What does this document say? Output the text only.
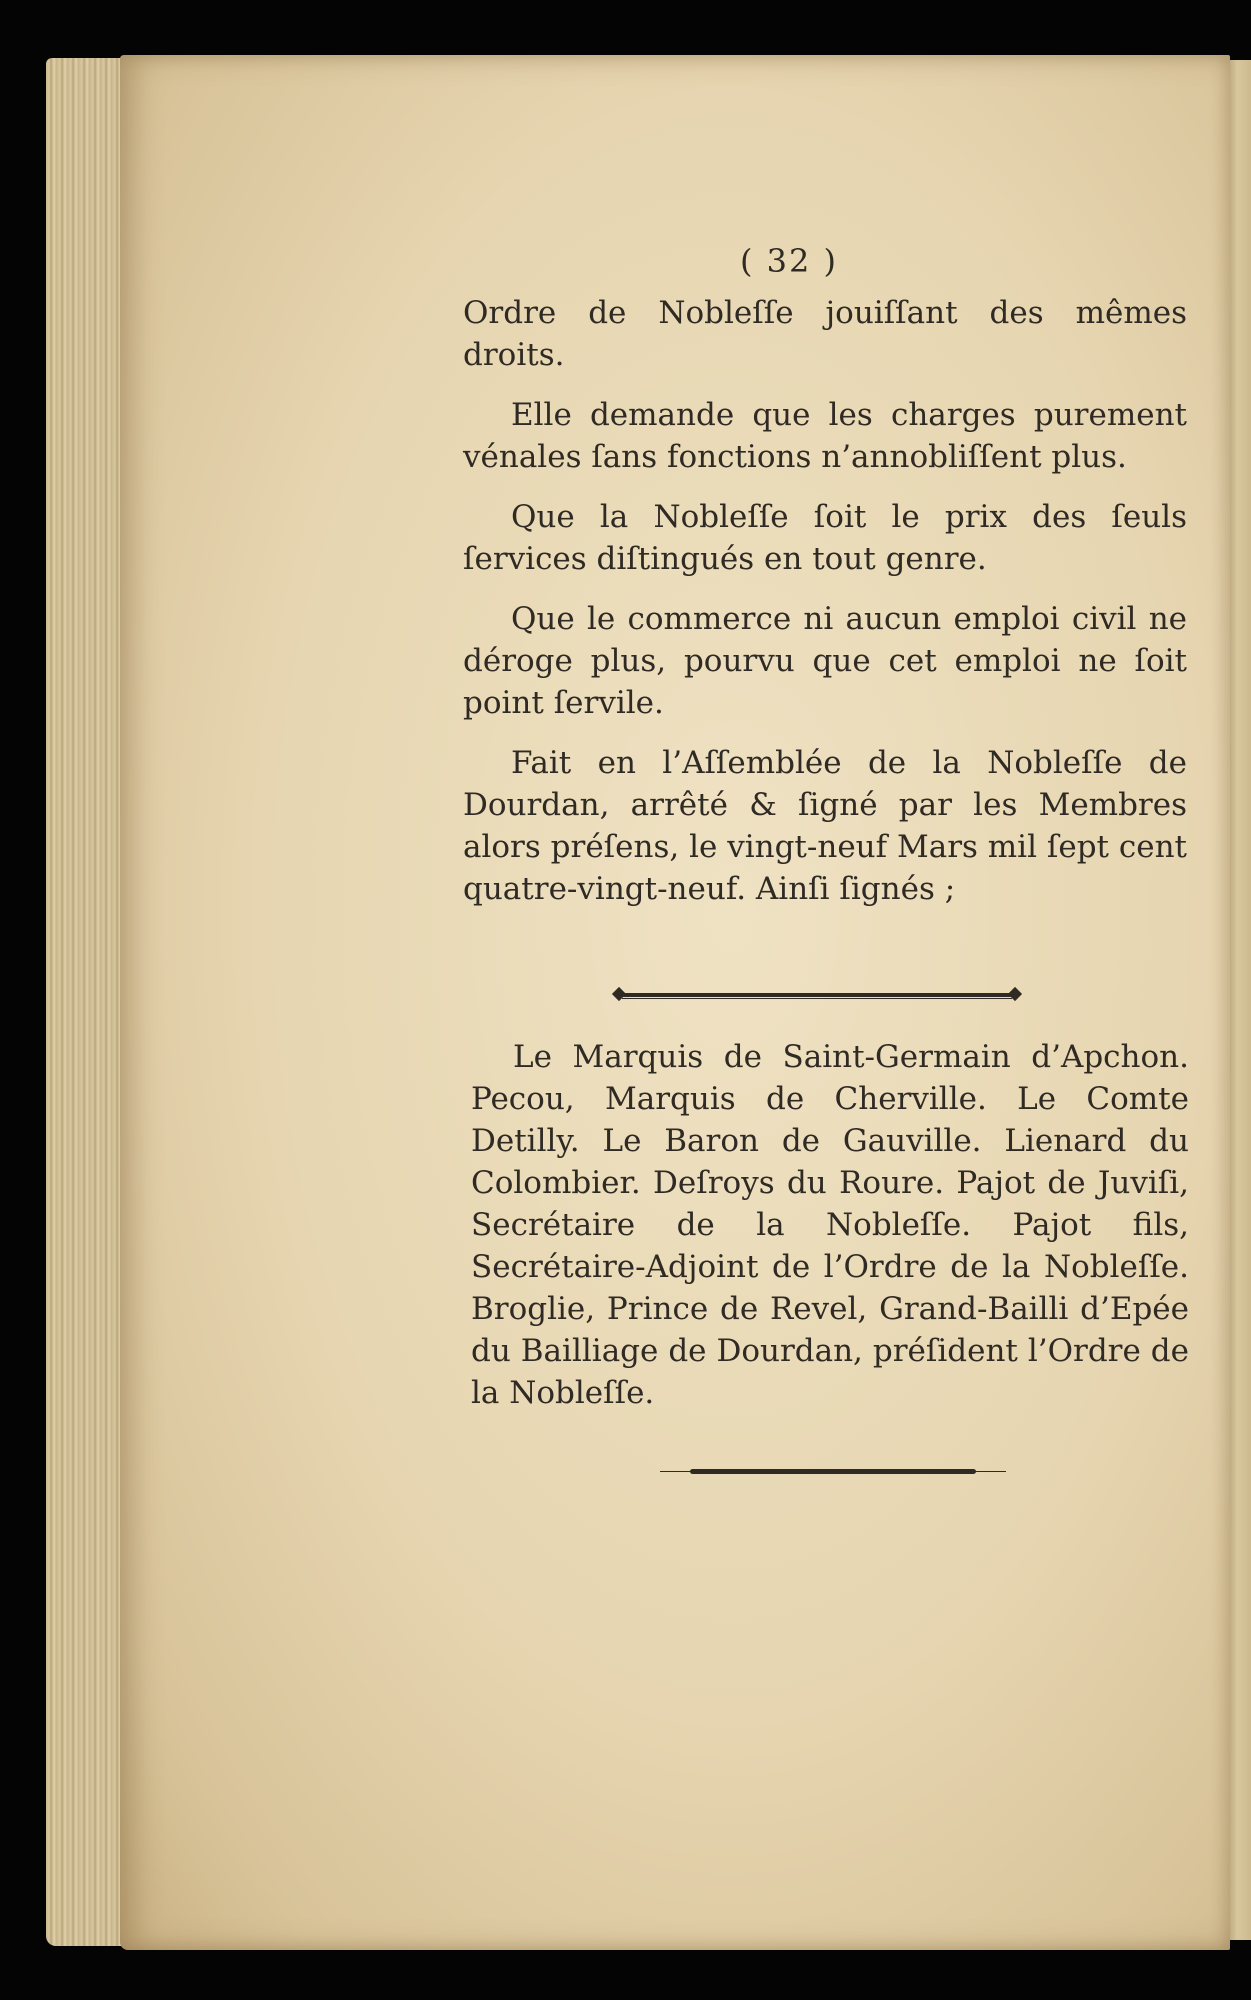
( 32 )

Ordre de Nobleſſe jouiſſant des mêmes droits.

Elle demande que les charges purement vénales ſans fonctions n’annobliſſent plus.

Que la Nobleſſe ſoit le prix des ſeuls ſervices diſtingués en tout genre.

Que le commerce ni aucun emploi civil ne déroge plus, pourvu que cet emploi ne ſoit point ſervile.

Fait en l’Aſſemblée de la Nobleſſe de Dourdan, arrêté & ſigné par les Membres alors préſens, le vingt-neuf Mars mil ſept cent quatre-vingt-neuf. Ainſi ſignés ;

Le Marquis de Saint-Germain d’Apchon. Pecou, Marquis de Cherville. Le Comte Detilly. Le Baron de Gauville. Lienard du Colombier. Deſroys du Roure. Pajot de Juviſi, Secrétaire de la Nobleſſe. Pajot fils, Secrétaire-Adjoint de l’Ordre de la Nobleſſe. Broglie, Prince de Revel, Grand-Bailli d’Epée du Bailliage de Dourdan, préſident l’Ordre de la Nobleſſe.
